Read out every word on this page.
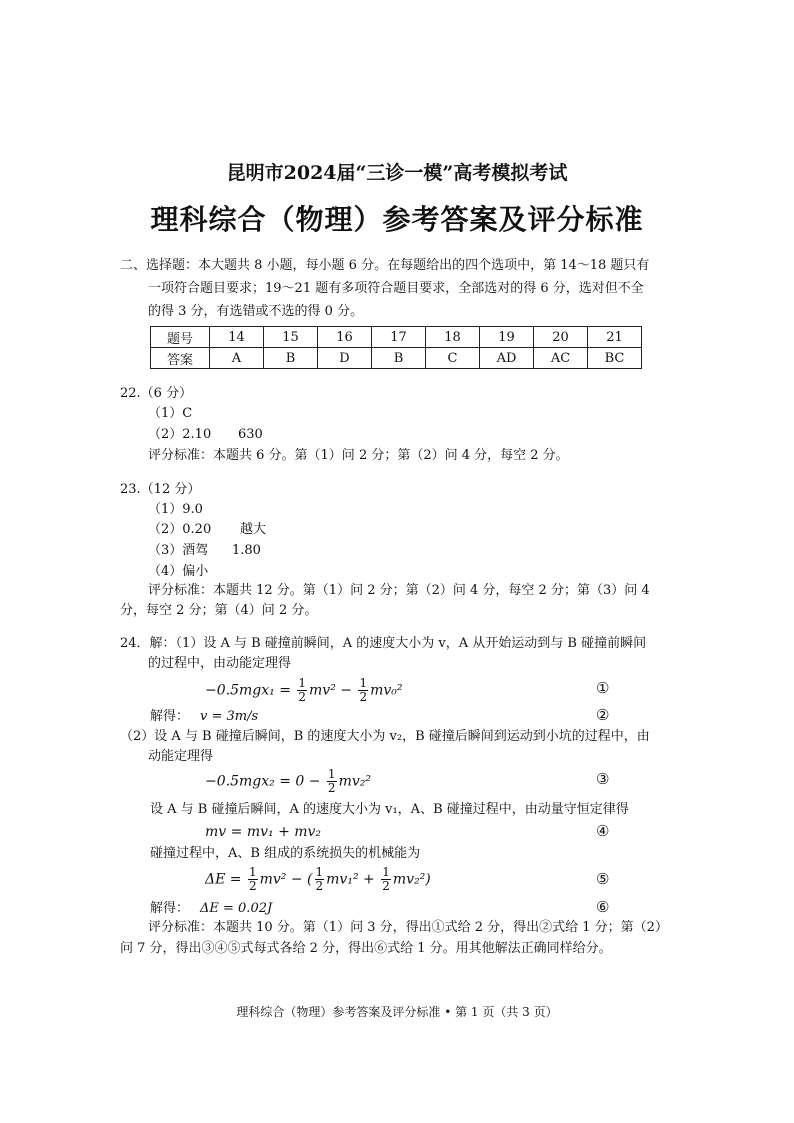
昆明市2024届“三诊一模”高考模拟考试
理科综合（物理）参考答案及评分标准
二、选择题：本大题共 8 小题，每小题 6 分。在每题给出的四个选项中，第 14～18 题只有
一项符合题目要求；19～21 题有多项符合题目要求，全部选对的得 6 分，选对但不全
的得 3 分，有选错或不选的得 0 分。
题号	14	15	16	17	18	19	20	21
答案	A	B	D	B	C	AD	AC	BC
22.（6 分）
（1）C
（2）2.10 630
评分标准：本题共 6 分。第（1）问 2 分；第（2）问 4 分，每空 2 分。
23.（12 分）
（1）9.0
（2）0.20 越大
（3）酒驾 1.80
（4）偏小
评分标准：本题共 12 分。第（1）问 2 分；第（2）问 4 分，每空 2 分；第（3）问 4
分，每空 2 分；第（4）问 2 分。
24．解：（1）设 A 与 B 碰撞前瞬间，A 的速度大小为 v，A 从开始运动到与 B 碰撞前瞬间
的过程中，由动能定理得
$-0.5mgx_1 = \frac{1}{2} mv^2 - \frac{1}{2} mv_0^2$	①
解得： v = 3m/s	②
（2）设 A 与 B 碰撞后瞬间，B 的速度大小为 v₂，B 碰撞后瞬间到运动到小坑的过程中，由
动能定理得
$-0.5mgx_2 = 0 - \frac{1}{2} mv_2^2$	③
设 A 与 B 碰撞后瞬间，A 的速度大小为 v₁，A、B 碰撞过程中，由动量守恒定律得
mv = mv₁ + mv₂	④
碰撞过程中，A、B 组成的系统损失的机械能为
$\Delta E = \frac{1}{2} mv^2$ − ( $\frac{1}{2} mv_1^2 + \frac{1}{2} mv_2^2$)	⑤
解得： ΔE = 0.02J	⑥
评分标准：本题共 10 分。第（1）问 3 分，得出①式给 2 分，得出②式给 1 分；第（2）
问 7 分，得出③④⑤式每式各给 2 分，得出⑥式给 1 分。用其他解法正确同样给分。
理科综合（物理）参考答案及评分标准 • 第 1 页（共 3 页）
